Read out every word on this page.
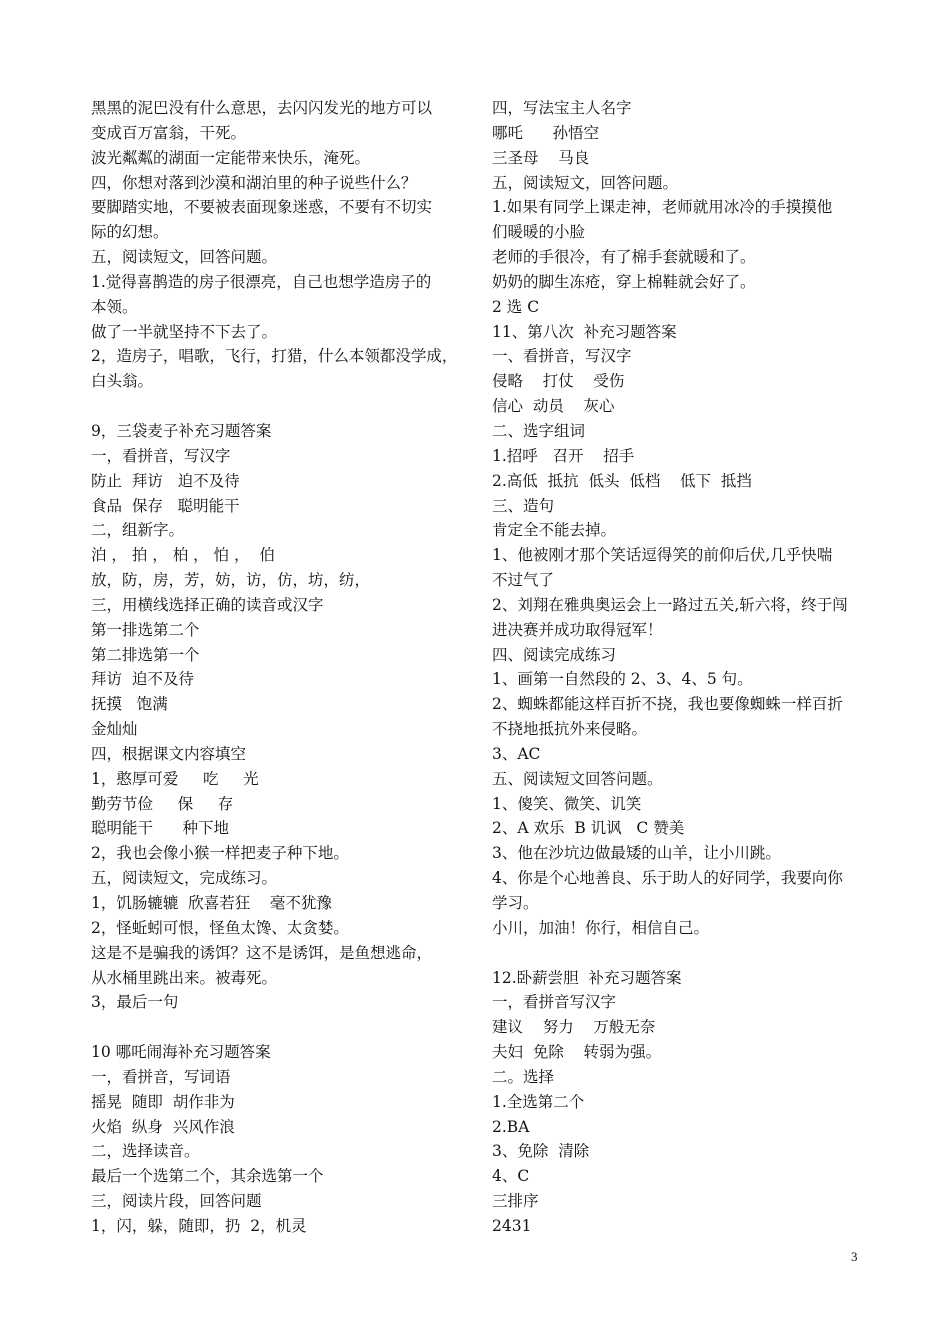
黑黑的泥巴没有什么意思，去闪闪发光的地方可以
变成百万富翁，干死。
波光粼粼的湖面一定能带来快乐，淹死。
四，你想对落到沙漠和湖泊里的种子说些什么？
要脚踏实地，不要被表面现象迷惑，不要有不切实
际的幻想。
五，阅读短文，回答问题。
1.觉得喜鹊造的房子很漂亮，自己也想学造房子的
本领。
做了一半就坚持不下去了。
2，造房子，唱歌，飞行，打猎，什么本领都没学成，
白头翁。
9，三袋麦子补充习题答案
一，看拼音，写汉字
防止  拜访   迫不及待
食品  保存   聪明能干
二，组新字。
泊 ， 拍 ， 柏 ， 怕 ，  伯
放，防，房，芳，妨，访，仿，坊，纺，
三，用横线选择正确的读音或汉字
第一排选第二个
第二排选第一个
拜访  迫不及待
抚摸   饱满
金灿灿
四，根据课文内容填空
1，憨厚可爱     吃     光
勤劳节俭     保     存
聪明能干      种下地
2，我也会像小猴一样把麦子种下地。
五，阅读短文，完成练习。
1，饥肠辘辘  欣喜若狂    毫不犹豫
2，怪蚯蚓可恨，怪鱼太馋、太贪婪。
这是不是骗我的诱饵？这不是诱饵，是鱼想逃命，
从水桶里跳出来。被毒死。
3，最后一句
10 哪吒闹海补充习题答案
一，看拼音，写词语
摇晃  随即  胡作非为
火焰  纵身  兴风作浪
二，选择读音。
最后一个选第二个，其余选第一个
三，阅读片段，回答问题
1，闪，躲，随即，扔  2，机灵
四，写法宝主人名字
哪吒      孙悟空
三圣母    马良
五，阅读短文，回答问题。
1.如果有同学上课走神，老师就用冰冷的手摸摸他
们暖暖的小脸
老师的手很冷，有了棉手套就暖和了。
奶奶的脚生冻疮，穿上棉鞋就会好了。
2 选 C
11、第八次  补充习题答案
一、看拼音，写汉字
侵略    打仗    受伤
信心  动员    灰心
二、选字组词
1.招呼   召开    招手
2.高低  抵抗  低头  低档    低下  抵挡
三、造句
肯定全不能去掉。
1、他被刚才那个笑话逗得笑的前仰后伏,几乎快喘
不过气了
2、刘翔在雅典奥运会上一路过五关,斩六将，终于闯
进决赛并成功取得冠军！
四、阅读完成练习
1、画第一自然段的 2、3、4、5 句。
2、蜘蛛都能这样百折不挠，我也要像蜘蛛一样百折
不挠地抵抗外来侵略。
3、AC
五、阅读短文回答问题。
1、傻笑、微笑、讥笑
2、A 欢乐  B 讥讽   C 赞美
3、他在沙坑边做最矮的山羊，让小川跳。
4、你是个心地善良、乐于助人的好同学，我要向你
学习。
小川，加油！你行，相信自己。
12.卧薪尝胆  补充习题答案
一，看拼音写汉字
建议    努力    万般无奈
夫妇  免除    转弱为强。
二。选择
1.全选第二个
2.BA
3、免除  清除
4、C
三排序
2431
3
